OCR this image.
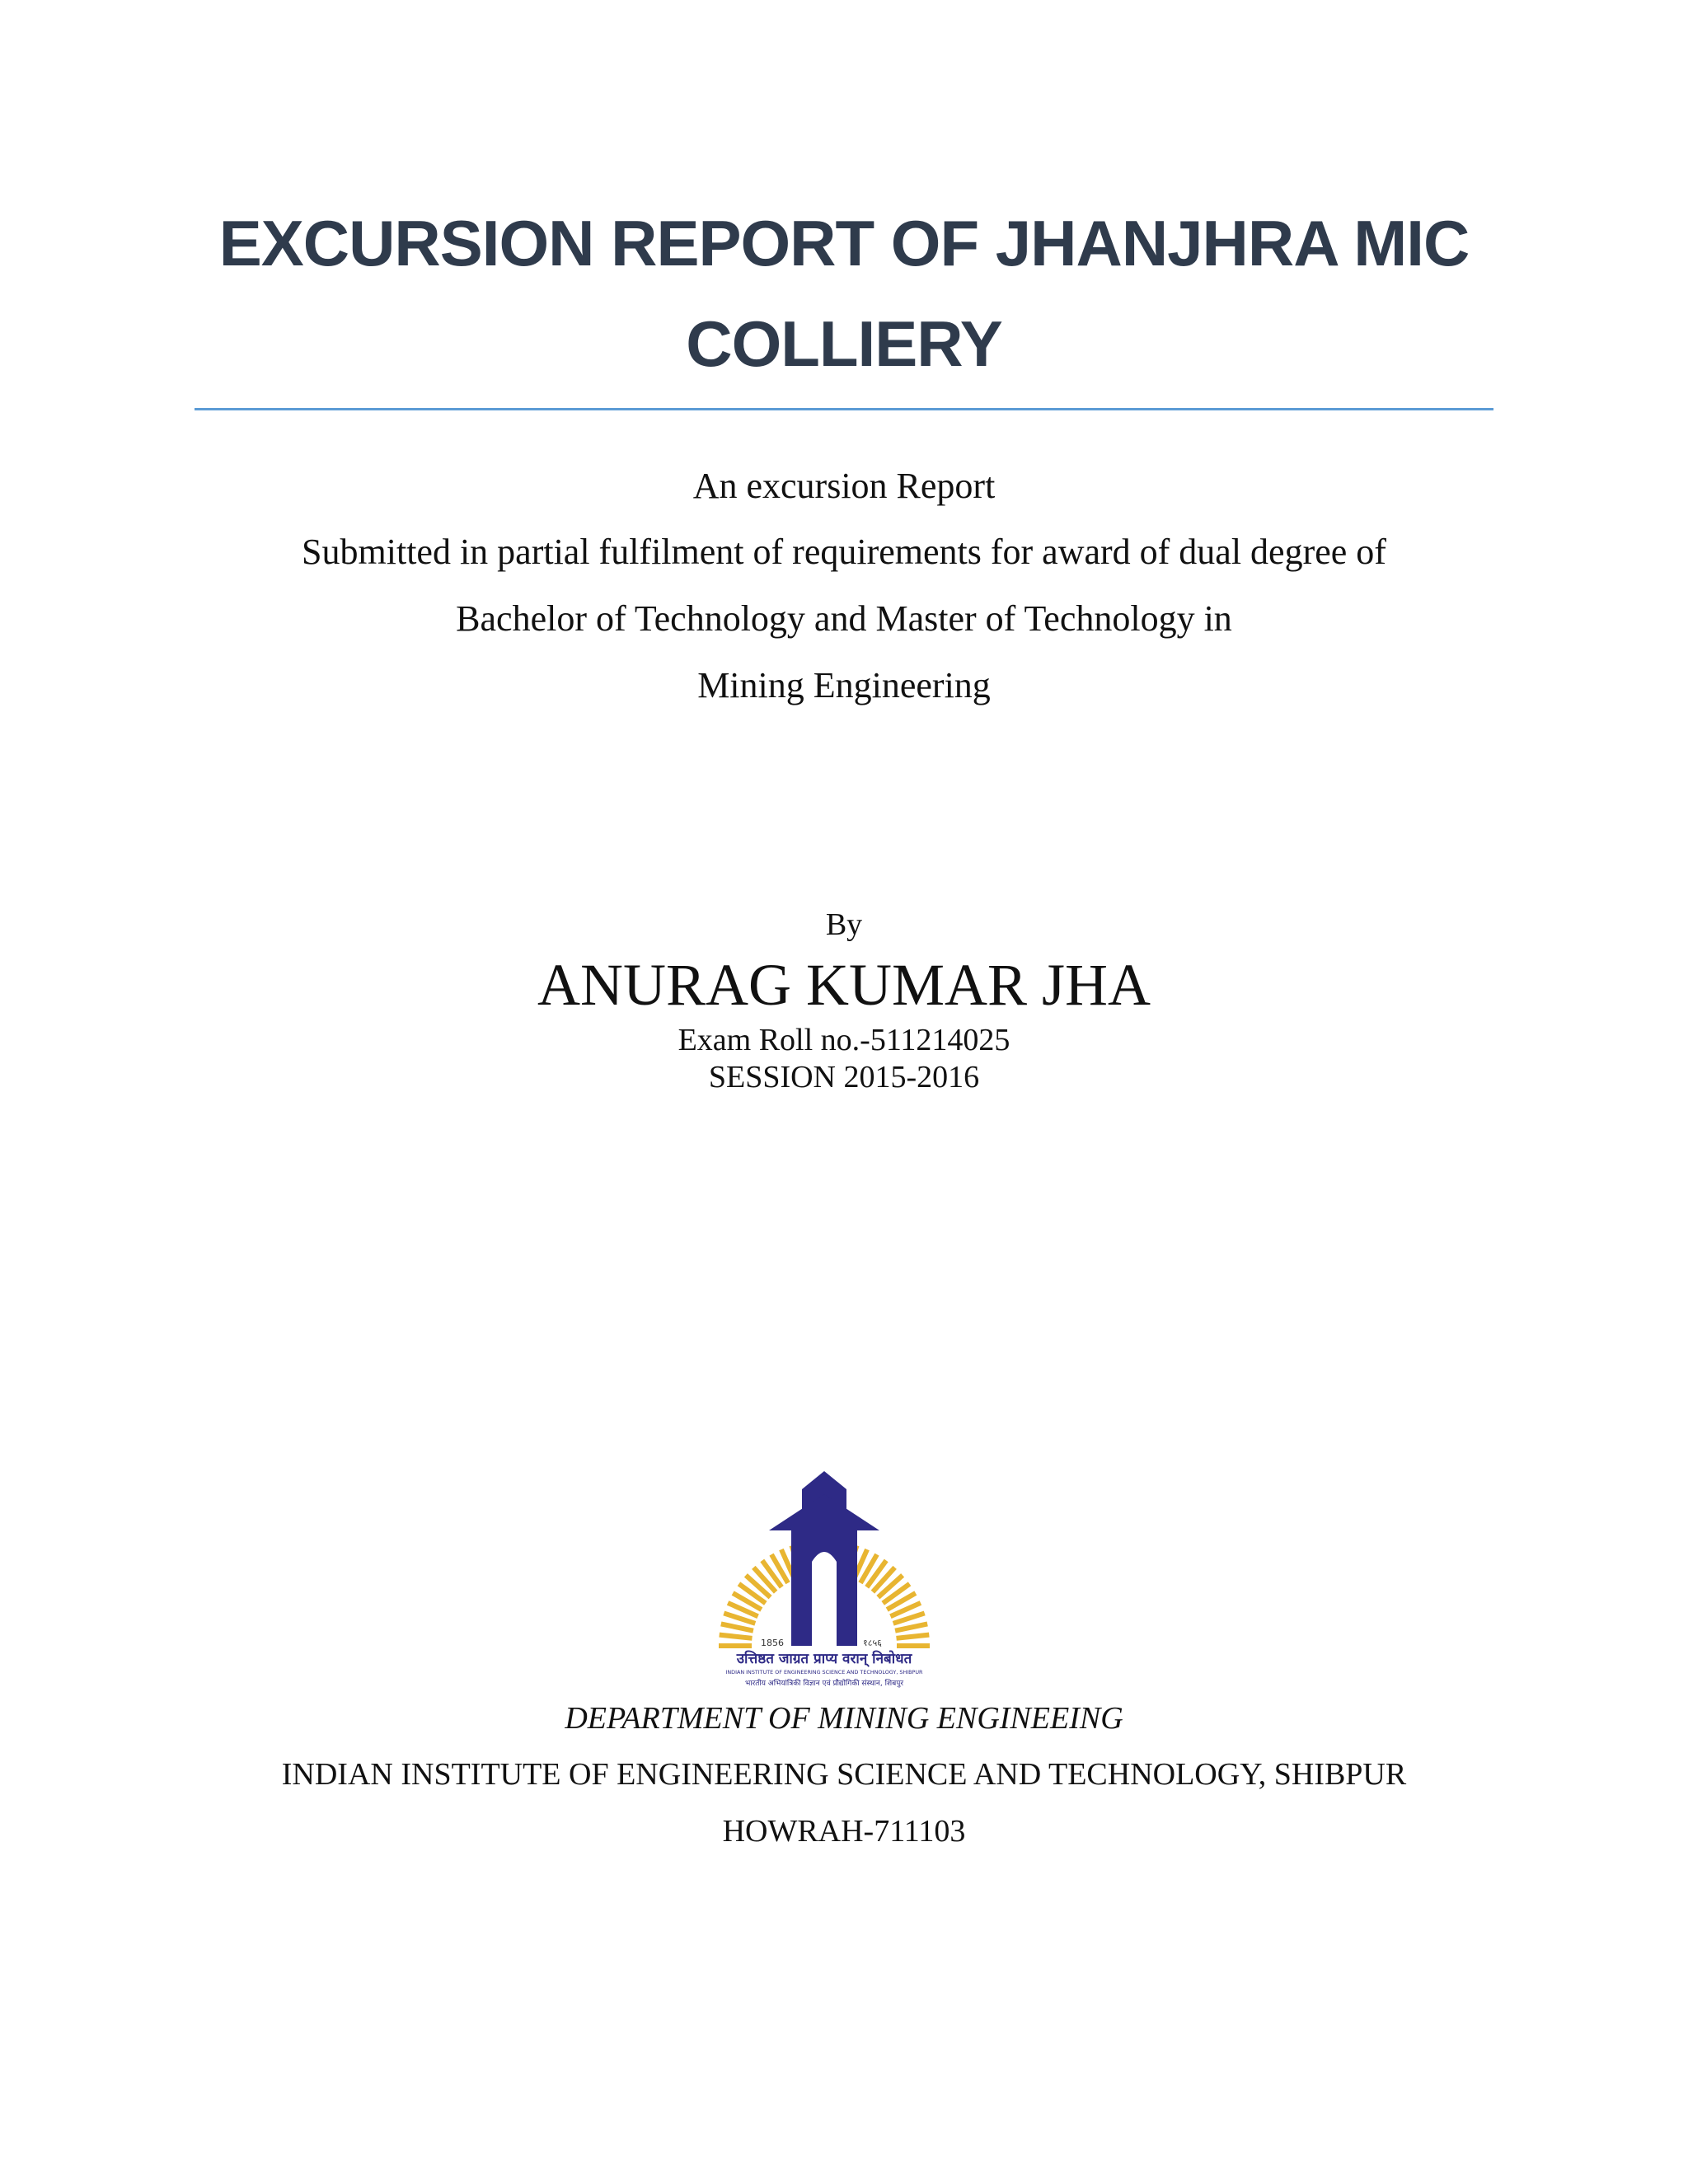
EXCURSION REPORT OF JHANJHRA MIC
COLLIERY

An excursion Report

Submitted in partial fulfilment of requirements for award of dual degree of

Bachelor of Technology and Master of Technology in

Mining Engineering

By

ANURAG KUMAR JHA

Exam Roll no.-511214025

SESSION 2015-2016

1856	१८५६
उत्तिष्ठत जाग्रत प्राप्य वरान् निबोधत
INDIAN INSTITUTE OF ENGINEERING SCIENCE AND TECHNOLOGY, SHIBPUR
भारतीय अभियांत्रिकी विज्ञान एवं प्रौद्योगिकी संस्थान, शिबपुर

DEPARTMENT OF MINING ENGINEEING

INDIAN INSTITUTE OF ENGINEERING SCIENCE AND TECHNOLOGY, SHIBPUR

HOWRAH-711103
